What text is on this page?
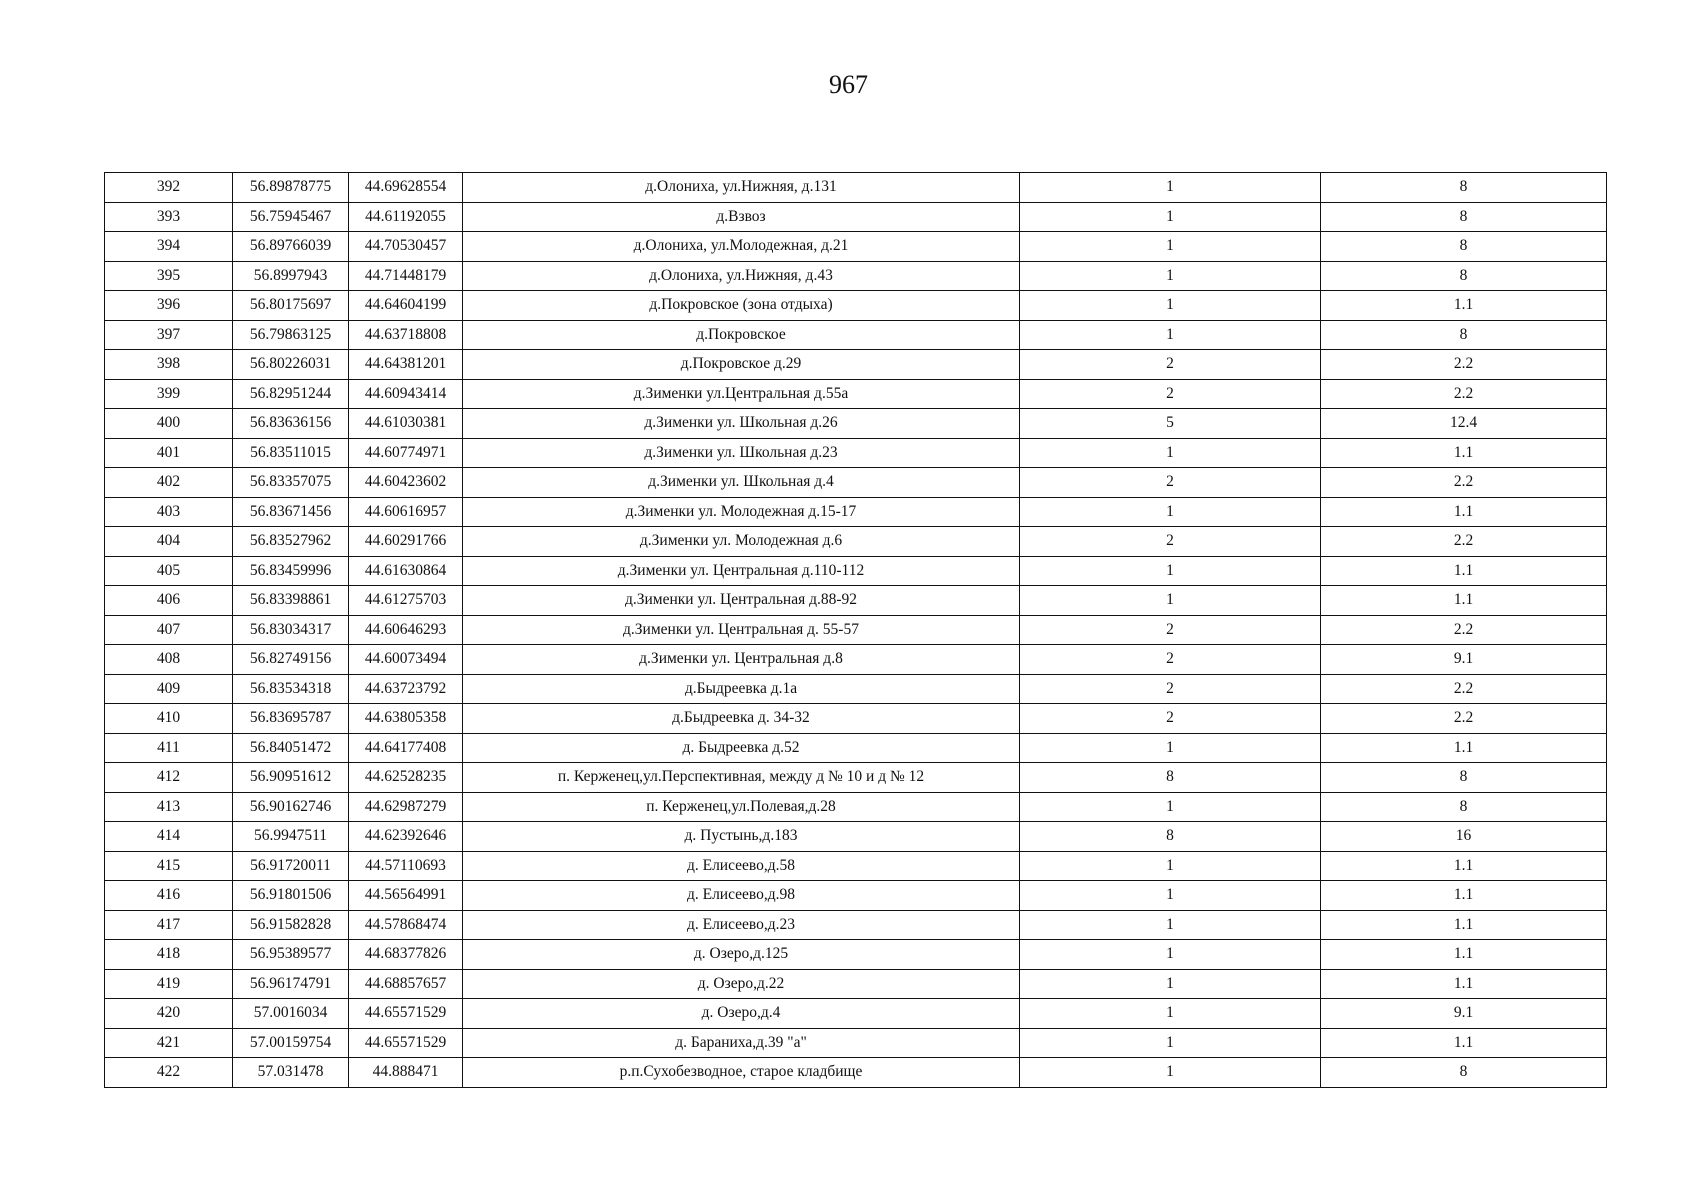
967
392	56.89878775	44.69628554	д.Олониха, ул.Нижняя, д.131	1	8
393	56.75945467	44.61192055	д.Взвоз	1	8
394	56.89766039	44.70530457	д.Олониха, ул.Молодежная, д.21	1	8
395	56.8997943	44.71448179	д.Олониха, ул.Нижняя, д.43	1	8
396	56.80175697	44.64604199	д.Покровское (зона отдыха)	1	1.1
397	56.79863125	44.63718808	д.Покровское	1	8
398	56.80226031	44.64381201	д.Покровское д.29	2	2.2
399	56.82951244	44.60943414	д.Зименки ул.Центральная д.55а	2	2.2
400	56.83636156	44.61030381	д.Зименки ул. Школьная д.26	5	12.4
401	56.83511015	44.60774971	д.Зименки ул. Школьная д.23	1	1.1
402	56.83357075	44.60423602	д.Зименки ул. Школьная д.4	2	2.2
403	56.83671456	44.60616957	д.Зименки ул. Молодежная д.15-17	1	1.1
404	56.83527962	44.60291766	д.Зименки ул. Молодежная д.6	2	2.2
405	56.83459996	44.61630864	д.Зименки ул. Центральная д.110-112	1	1.1
406	56.83398861	44.61275703	д.Зименки ул. Центральная д.88-92	1	1.1
407	56.83034317	44.60646293	д.Зименки ул. Центральная д. 55-57	2	2.2
408	56.82749156	44.60073494	д.Зименки ул. Центральная д.8	2	9.1
409	56.83534318	44.63723792	д.Быдреевка д.1а	2	2.2
410	56.83695787	44.63805358	д.Быдреевка д. 34-32	2	2.2
411	56.84051472	44.64177408	д. Быдреевка д.52	1	1.1
412	56.90951612	44.62528235	п. Керженец,ул.Перспективная, между д № 10 и д № 12	8	8
413	56.90162746	44.62987279	п. Керженец,ул.Полевая,д.28	1	8
414	56.9947511	44.62392646	д. Пустынь,д.183	8	16
415	56.91720011	44.57110693	д. Елисеево,д.58	1	1.1
416	56.91801506	44.56564991	д. Елисеево,д.98	1	1.1
417	56.91582828	44.57868474	д. Елисеево,д.23	1	1.1
418	56.95389577	44.68377826	д. Озеро,д.125	1	1.1
419	56.96174791	44.68857657	д. Озеро,д.22	1	1.1
420	57.0016034	44.65571529	д. Озеро,д.4	1	9.1
421	57.00159754	44.65571529	д. Бараниха,д.39 "а"	1	1.1
422	57.031478	44.888471	р.п.Сухобезводное, старое кладбище	1	8
